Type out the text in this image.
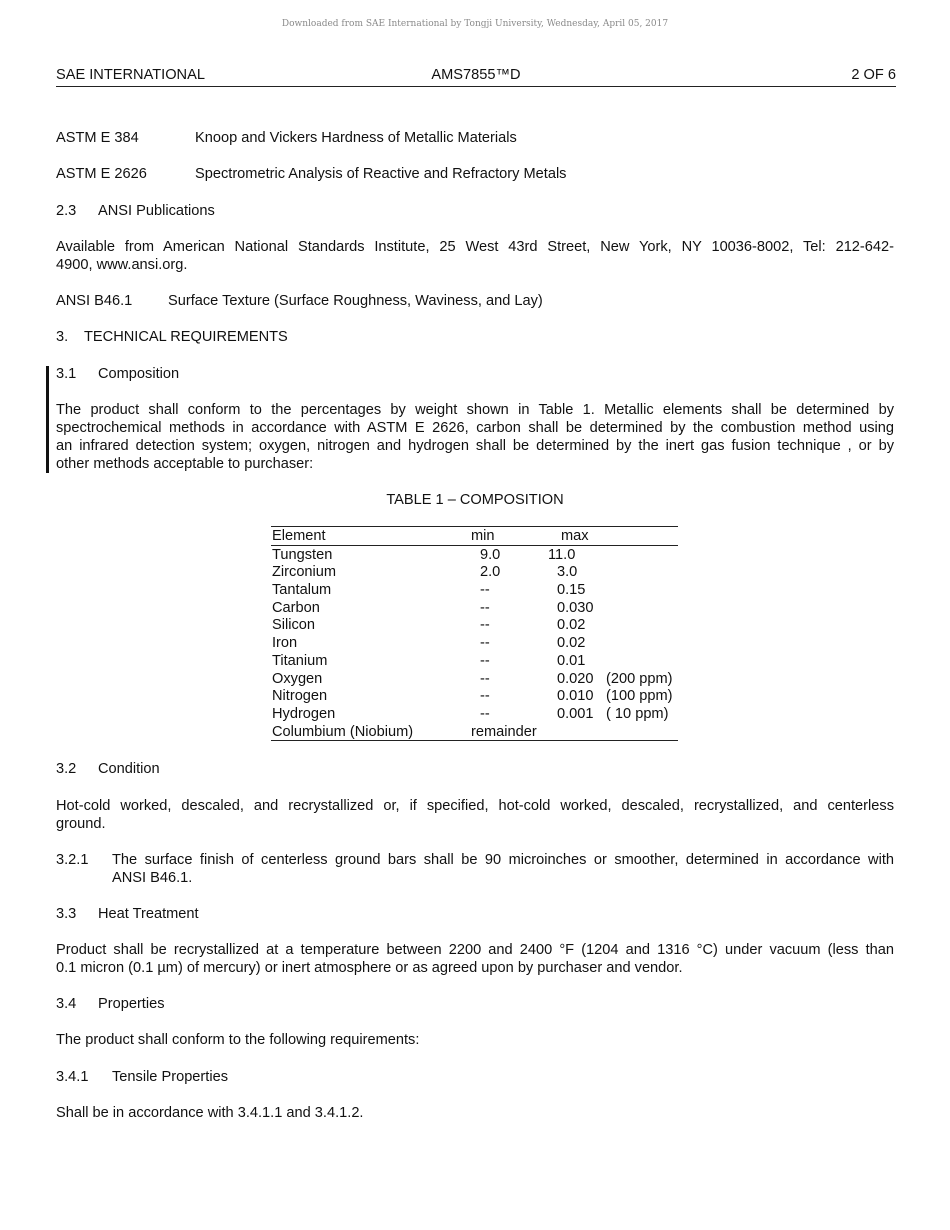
Downloaded from SAE International by Tongji University, Wednesday, April 05, 2017
SAE INTERNATIONAL	AMS7855™D	2 OF 6
ASTM E 384	Knoop and Vickers Hardness of Metallic Materials
ASTM E 2626	Spectrometric Analysis of Reactive and Refractory Metals
2.3 ANSI Publications
Available from American National Standards Institute, 25 West 43rd Street, New York, NY 10036-8002, Tel: 212-642-
4900, www.ansi.org.
ANSI B46.1 Surface Texture (Surface Roughness, Waviness, and Lay)
3. TECHNICAL REQUIREMENTS
3.1 Composition
The product shall conform to the percentages by weight shown in Table 1. Metallic elements shall be determined by
spectrochemical methods in accordance with ASTM E 2626, carbon shall be determined by the combustion method using
an infrared detection system; oxygen, nitrogen and hydrogen shall be determined by the inert gas fusion technique , or by
other methods acceptable to purchaser:
TABLE 1 – COMPOSITION
Element	min	max
Tungsten	9.0	11.0
Zirconium	2.0	3.0
Tantalum	--	0.15
Carbon	--	0.030
Silicon	--	0.02
Iron	--	0.02
Titanium	--	0.01
Oxygen	--	0.020 (200 ppm)
Nitrogen	--	0.010 (100 ppm)
Hydrogen	--	0.001 ( 10 ppm)
Columbium (Niobium)	remainder
3.2 Condition
Hot-cold worked, descaled, and recrystallized or, if specified, hot-cold worked, descaled, recrystallized, and centerless
ground.
3.2.1 The surface finish of centerless ground bars shall be 90 microinches or smoother, determined in accordance with
ANSI B46.1.
3.3 Heat Treatment
Product shall be recrystallized at a temperature between 2200 and 2400 °F (1204 and 1316 °C) under vacuum (less than
0.1 micron (0.1 µm) of mercury) or inert atmosphere or as agreed upon by purchaser and vendor.
3.4 Properties
The product shall conform to the following requirements:
3.4.1 Tensile Properties
Shall be in accordance with 3.4.1.1 and 3.4.1.2.
